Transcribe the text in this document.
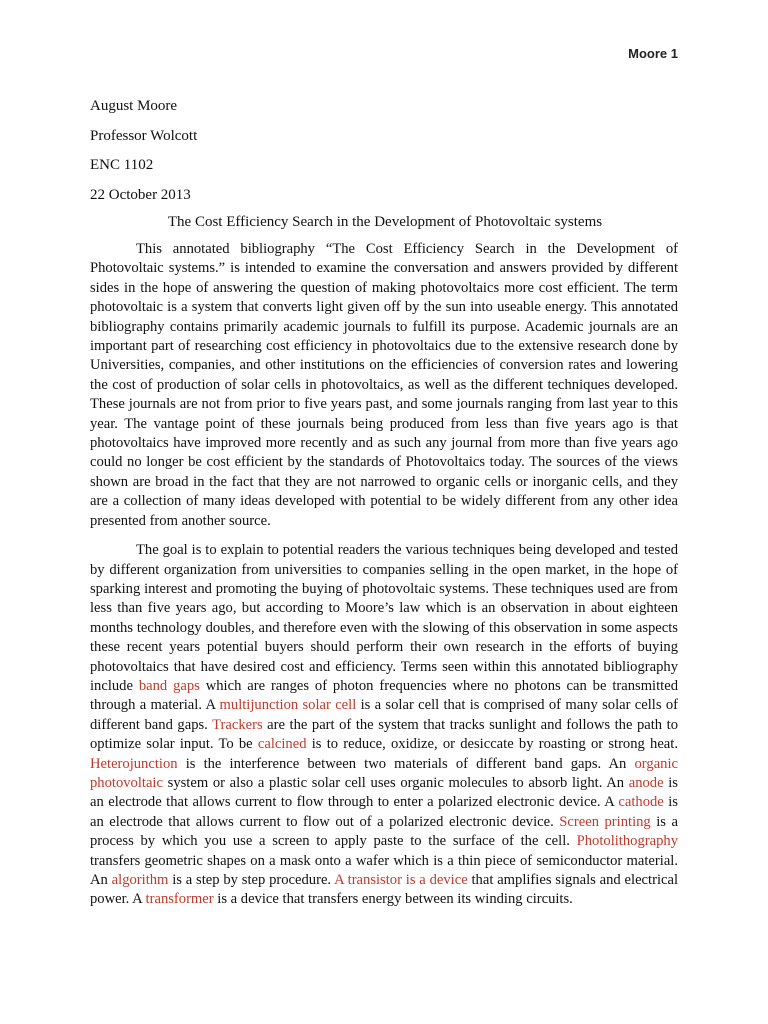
Moore 1
August Moore
Professor Wolcott
ENC 1102
22 October 2013
The Cost Efficiency Search in the Development of Photovoltaic systems

This annotated bibliography “The Cost Efficiency Search in the Development of Photovoltaic systems.” is intended to examine the conversation and answers provided by different sides in the hope of answering the question of making photovoltaics more cost efficient. The term photovoltaic is a system that converts light given off by the sun into useable energy. This annotated bibliography contains primarily academic journals to fulfill its purpose. Academic journals are an important part of researching cost efficiency in photovoltaics due to the extensive research done by Universities, companies, and other institutions on the efficiencies of conversion rates and lowering the cost of production of solar cells in photovoltaics, as well as the different techniques developed. These journals are not from prior to five years past, and some journals ranging from last year to this year. The vantage point of these journals being produced from less than five years ago is that photovoltaics have improved more recently and as such any journal from more than five years ago could no longer be cost efficient by the standards of Photovoltaics today. The sources of the views shown are broad in the fact that they are not narrowed to organic cells or inorganic cells, and they are a collection of many ideas developed with potential to be widely different from any other idea presented from another source.

The goal is to explain to potential readers the various techniques being developed and tested by different organization from universities to companies selling in the open market, in the hope of sparking interest and promoting the buying of photovoltaic systems. These techniques used are from less than five years ago, but according to Moore’s law which is an observation in about eighteen months technology doubles, and therefore even with the slowing of this observation in some aspects these recent years potential buyers should perform their own research in the efforts of buying photovoltaics that have desired cost and efficiency. Terms seen within this annotated bibliography include band gaps which are ranges of photon frequencies where no photons can be transmitted through a material. A multijunction solar cell is a solar cell that is comprised of many solar cells of different band gaps. Trackers are the part of the system that tracks sunlight and follows the path to optimize solar input. To be calcined is to reduce, oxidize, or desiccate by roasting or strong heat. Heterojunction is the interference between two materials of different band gaps. An organic photovoltaic system or also a plastic solar cell uses organic molecules to absorb light. An anode is an electrode that allows current to flow through to enter a polarized electronic device. A cathode is an electrode that allows current to flow out of a polarized electronic device. Screen printing is a process by which you use a screen to apply paste to the surface of the cell. Photolithography transfers geometric shapes on a mask onto a wafer which is a thin piece of semiconductor material. An algorithm is a step by step procedure. A transistor is a device that amplifies signals and electrical power. A transformer is a device that transfers energy between its winding circuits.
